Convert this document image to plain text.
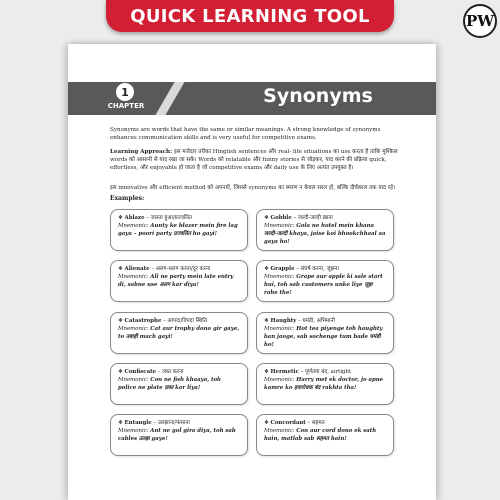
QUICK LEARNING TOOL	PW
1
CHAPTER	Synonyms

Synonyms are words that have the same or similar meanings. A strong knowledge of synonyms enhances communication skills and is very useful for competitive exams.

Learning Approach: इस मजेदार तरीका Hinglish sentences और real- life situations का use करता है ताकि मुश्किल words को आसानी से याद रखा जा सके। Words को relatable और funny stories से जोड़कर, याद करने की प्रक्रिया quick, effortless, और enjoyable हो जाता है जो competitive exams और daily use के लिए अत्यंत उपयुक्त है।

इस innovative और efficient method को अपनाएँ, जिससे synonyms का स्मरण न केवल सरल हो, बल्कि दीर्घकाल तक याद रहे।

Examples:
❖ Ablaze – जलता हुआ/प्रज्वलित
Mnemonic: Aunty ke blazer mein fire lag gaya – poori party प्रज्वलित ho gayi!
❖ Gobble – जल्दी-जल्दी खाना
Mnemonic: Gola ne hotel mein khana जल्दी-जल्दी khaya, jaise koi bhookchhaal aa gaya ho!
❖ Alienate – अलग-थलग करना/दूर करना
Mnemonic: Ali ne party mein late entry di, sabne use अलग kar diya!
❖ Grapple – संघर्ष करना, जूझना
Mnemonic: Grape aur apple ki sale start hui, toh sab customers unke liye जूझ rahe the!
❖ Catastrophe – आपदा/विपदा स्थिति
Mnemonic: Cat aur trophy dono gir gaye, to तबाही mach gayi!
❖ Haughty – घमंडी, अभिमानी
Mnemonic: Hot tea piyenge toh haughty ban jaoge, sab sochenge tum bade घमंडी ho!
❖ Confiscate – जब्त करना
Mnemonic: Con ne fish khaaya, toh police ne plate ज़ब्त kar liya!
❖ Hermetic – पूर्णतया बंद, airtight
Mnemonic: Harry met ek doctor, jo apne kamre ko हवारोधक बंद rakhta tha!
❖ Entangle – उलझाना/फंसाना
Mnemonic: Ant ne gol gira diya, toh sab cables उलझ gaye!
❖ Concordant – सहमत
Mnemonic: Con aur cord dono ek sath hain, matlab sab सहमत hain!
